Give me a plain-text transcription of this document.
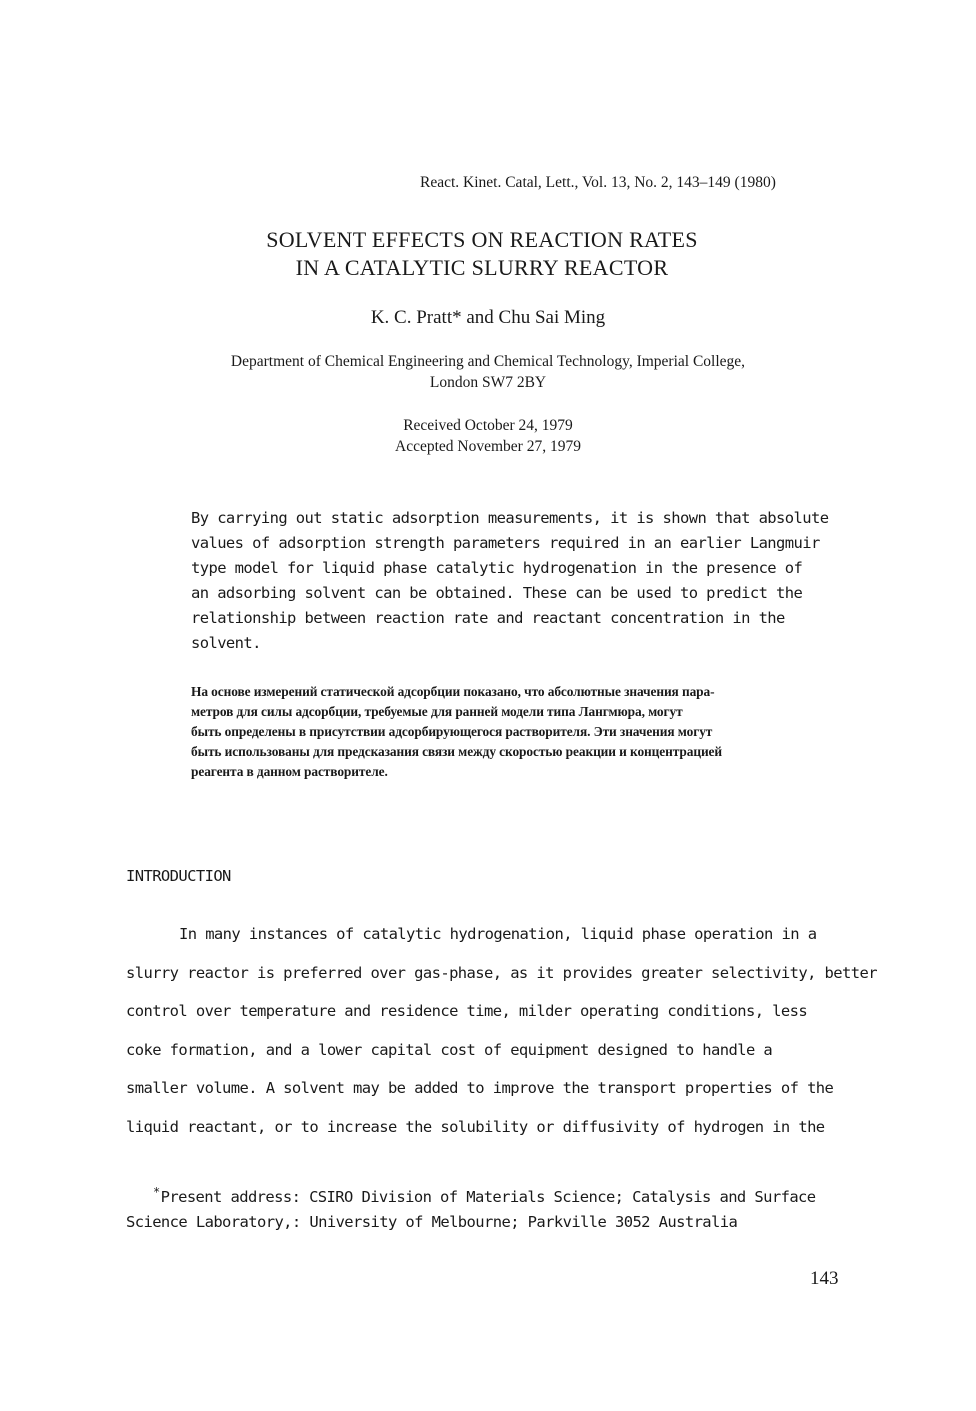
React. Kinet. Catal, Lett., Vol. 13, No. 2, 143–149 (1980)
SOLVENT EFFECTS ON REACTION RATES
IN A CATALYTIC SLURRY REACTOR
K. C. Pratt* and Chu Sai Ming
Department of Chemical Engineering and Chemical Technology, Imperial College,
London SW7 2BY
Received October 24, 1979
Accepted November 27, 1979
By carrying out static adsorption measurements, it is shown that absolute
values of adsorption strength parameters required in an earlier Langmuir
type model for liquid phase catalytic hydrogenation in the presence of
an adsorbing solvent can be obtained. These can be used to predict the
relationship between reaction rate and reactant concentration in the
solvent.
На основе измерений статической адсорбции показано, что абсолютные значения пара-
метров для силы адсорбции, требуемые для ранней модели типа Лангмюра, могут
быть определены в присутствии адсорбирующегося растворителя. Эти значения могут
быть использованы для предсказания связи между скоростью реакции и концентрацией
реагента в данном растворителе.
INTRODUCTION
In many instances of catalytic hydrogenation, liquid phase operation in a
slurry reactor is preferred over gas-phase, as it provides greater selectivity, better
control over temperature and residence time, milder operating conditions, less
coke formation, and a lower capital cost of equipment designed to handle a
smaller volume. A solvent may be added to improve the transport properties of the
liquid reactant, or to increase the solubility or diffusivity of hydrogen in the
*Present address: CSIRO Division of Materials Science; Catalysis and Surface
Science Laboratory,: University of Melbourne; Parkville 3052 Australia
143
